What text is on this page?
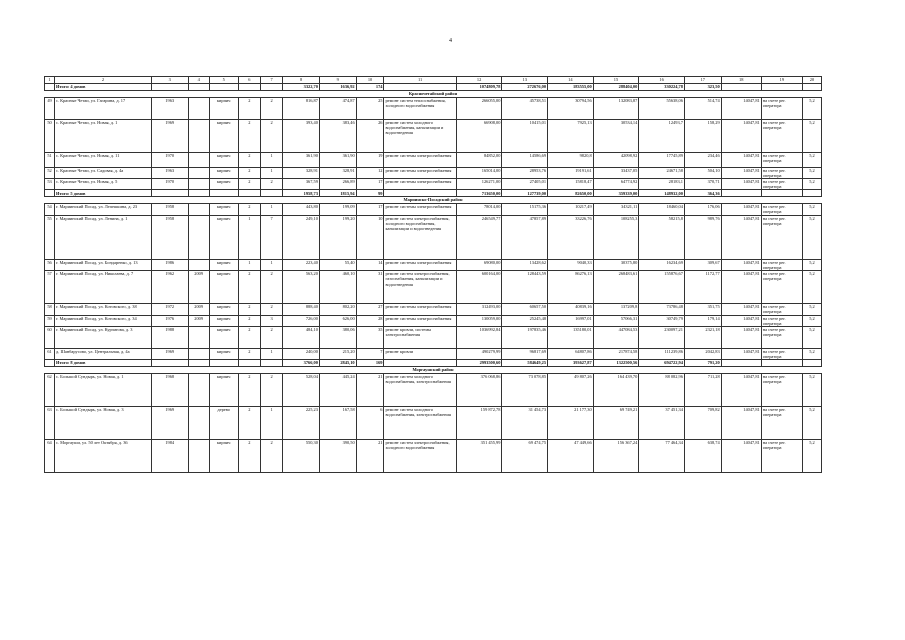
4
1	2	3	4	5	6	7	8	9	10	11	12	13	14	15	16	17	18	19	20
	Итого: 4 домов						3322,70	1636,92	174		1074809,78	272676,00	183555,00	288404,00	330224,78	323,50			
Красночетайский район																			
49	с. Красные Четаи, ул. Гагарина, д. 17	1963		кирпич	2	2	816,87	474,87	25	ремонт систем теплоснабжения, холодного водоснабжения	266055,00	45738,51	30794,56	132083,87	55638,06	514,74	14047,81	на счете рег. оператора	5,2
50	с. Красные Четаи, ул. Новая, д. 1	1969		кирпич	2	2	393,40	383,46	26	ремонт систем холодного водоснабжения, канализации и водоотведения	66908,00	10415,01	7925,13	30534,14	12493,7	158,29	14047,81	на счете рег. оператора	5,2
51	с. Красные Четаи, ул. Новая, д. 11	1970		кирпич	2	1	361,90	361,90	19	ремонт системы электроснабжения	84852,00	14586,69	9820,8	42098,92	17745,89	234,46	14047,81	на счете рег. оператора	5,2
52	с. Красные Четаи, ул. Садовая, д. 4а	1963		кирпич	2	1	328,91	328,91	12	ремонт системы электроснабжения	165014,00	28953,76	19191,61	33437,05	24671,58	504,10	14047,81	на счете рег. оператора	5,2
53	с. Красные Четаи, ул. Новая, д. 5	1970		кирпич	2	2	367,59	266,89	17	ремонт системы электроснабжения	126271,00	27405,01	15818,47	64774,92	28183,1	370,71	14047,81	на счете рег. оператора	5,2
	Итого: 5 домов						1958,73	1815,94	99		713650,00	127739,00	82650,00	359339,00	148932,00	364,36			
Мариинско-Посадский район																			
54	г. Мариинский Посад, ул. Лепешкина, д. 23	1958		кирпич	2	1	443,80	199,09	17	ремонт системы электроснабжения	78014,00	15175,36	10217,49	34321,11	18460,04	176,06	14047,81	на счете рег. оператора	5,2
55	г. Мариинский Посад, ул. Ленина, д. 1	1958		кирпич	1	7	249,10	199,20	10	ремонт систем электроснабжения, холодного водоснабжения, канализации и водоотведения	246549,77	47857,89	33226,76	108255,3	58215,8	989,76	14047,81	на счете рег. оператора	5,2
56	г. Мариинский Посад, ул. Бондаренко, д. 13	1986		кирпич	1	1	223,40	55,40	14	ремонт системы электроснабжения	69080,00	13428,62	9040,33	30375,80	16234,69	309,67	14047,81	на счете рег. оператора	5,2
57	г. Мариинский Посад, ул. Николаева, д. 7	1962	2009	кирпич	2	2	563,20	460,10	31	ремонт систем электроснабжения, газоснабжения, канализации и водоотведения	600164,00	128443,59	86276,13	268483,61	155876,67	1172,77	14047,81	на счете рег. оператора	5,2
58	г. Мариинский Посад, ул. Котовского, д. 38	1972	2009	кирпич	2	2	888,40	802,20	27	ремонт системы электроснабжения	312493,00	60657,50	40839,16	137209,8	73786,48	351,75	14047,81	на счете рег. оператора	5,2
59	г. Мариинский Посад, ул. Котовского, д. 34	1976	2009	кирпич	2	3	726,00	626,00	28	ремонт системы электроснабжения	130059,00	25245,48	16997,01	57066,31	30749,79	179,14	14047,81	на счете рег. оператора	5,2
60	г. Мариинский Посад, ул. Курчатова, д. 3	1988		кирпич	2	2	484,10	380,06	35	ремонт кровли, системы электроснабжения	1036992,84	197835,46	135180,01	447084,53	230097,21	2321,18	14047,81	на счете рег. оператора	5,2
61	д. Шанбарусово, ул. Центральная, д. 4а	1969		кирпич	2	1	240,00	215,20	7	ремонт кровли	490279,99	96817,69	64807,86	217874,58	111239,86	2042,83	14047,81	на счете рег. оператора	5,2
	Итого: 8 домов						3766,00	2845,10	169		2993500,60	584649,25	393627,87	1322500,56	694722,94	791,20			
Моргаушский район																			
62	с. Большой Сундырь, ул. Новая, д. 1	1968		кирпич	2	2	528,04	445,24	21	ремонт систем холодного водоснабжения, электроснабжения	376 068,86	73 078,85	49 807,26	164 439,70	88 082,96	711,28	14047,81	на счете рег. оператора	5,2
63	с. Большой Сундырь, ул. Новая, д. 3	1969		дерево	2	1	225,23	167,58	6	ремонт систем холодного водоснабжения, электроснабжения	159 872,78	31 454,73	21 177,30	69 749,21	37 451,34	709,82	14047,81	на счете рег. оператора	5,2
64	с. Моргауши, ул. 50 лет Октября, д. 36	1984		кирпич	2	2	550,30	390,50	21	ремонт систем электроснабжения, холодного водоснабжения	351 455,99	69 474,75	47 449,66	156 367,24	77 464,34	638,74	14047,81	на счете рег. оператора	5,2
